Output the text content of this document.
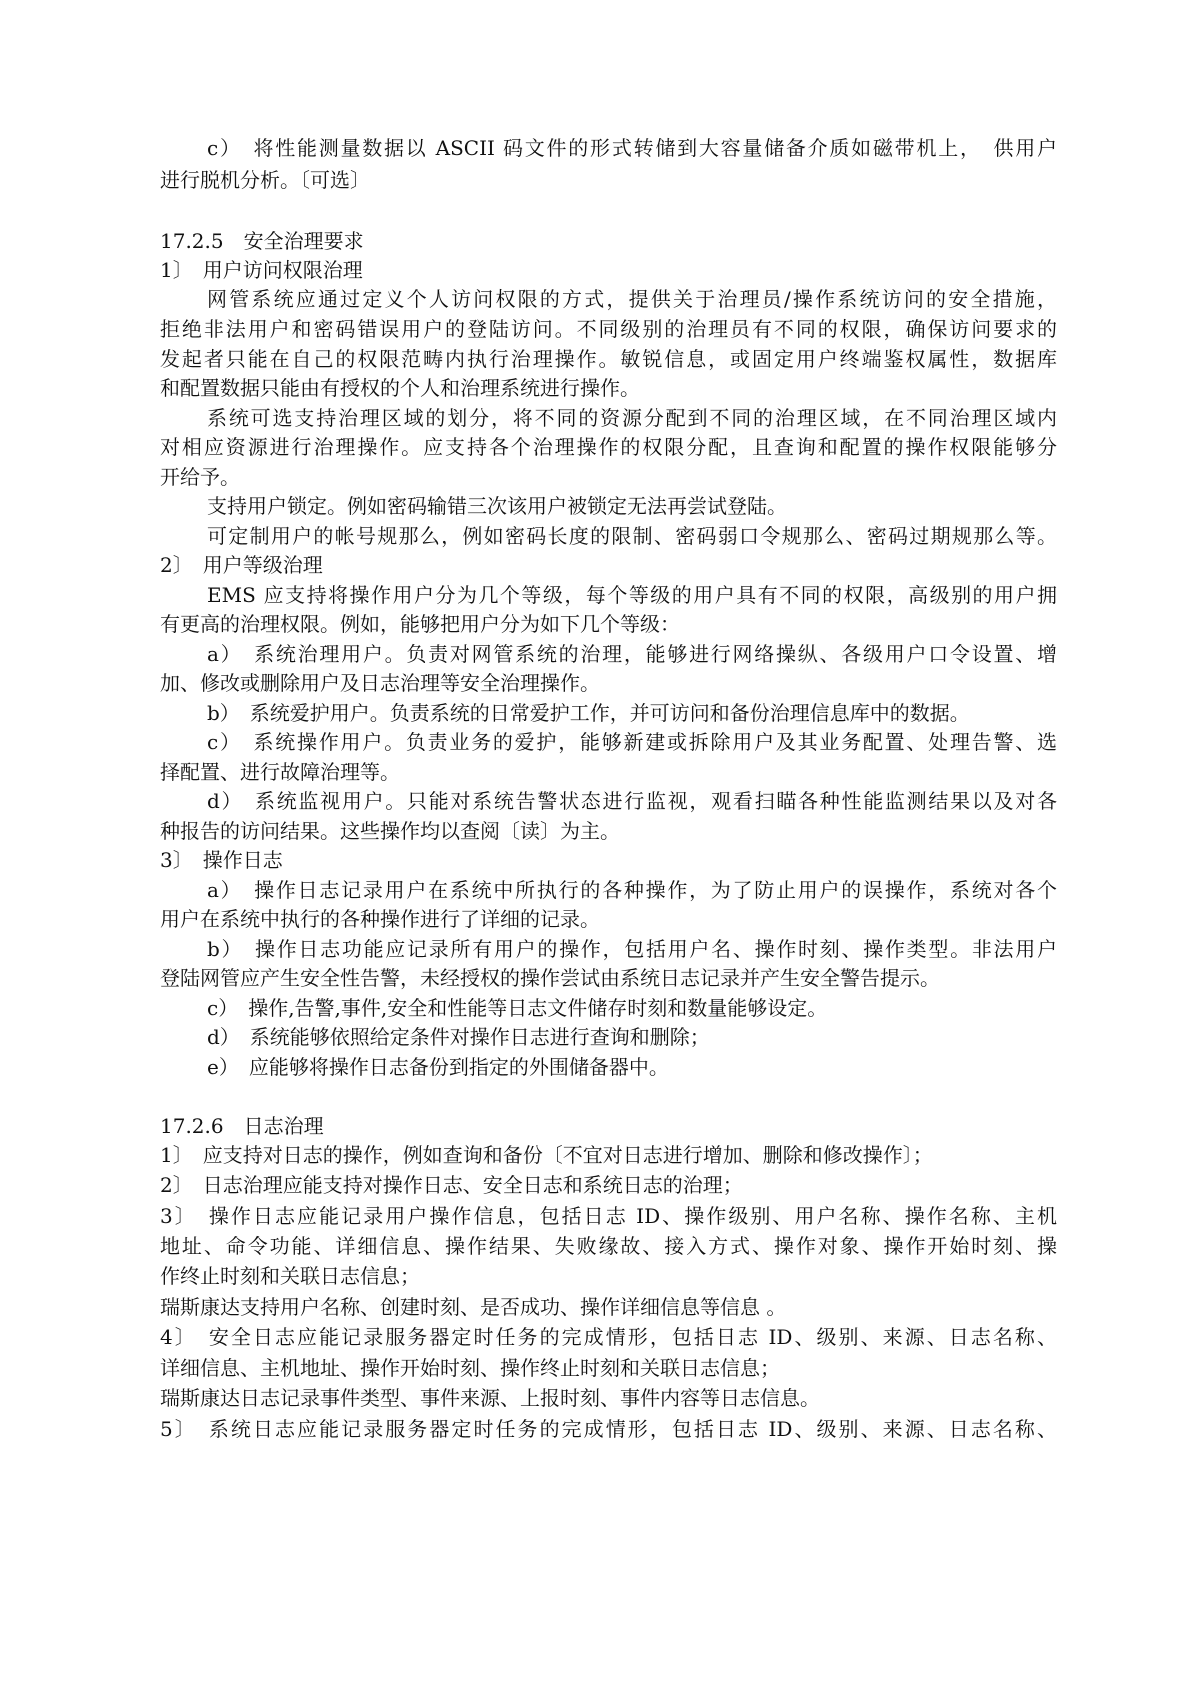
c）　将性能测量数据以 ASCII 码文件的形式转储到大容量储备介质如磁带机上，　供用户
进行脱机分析。〔可选〕
17.2.5　安全治理要求
1〕　用户访问权限治理
网管系统应通过定义个人访问权限的方式，提供关于治理员/操作系统访问的安全措施，
拒绝非法用户和密码错误用户的登陆访问。不同级别的治理员有不同的权限，确保访问要求的
发起者只能在自己的权限范畴内执行治理操作。敏锐信息，或固定用户终端鉴权属性，数据库
和配置数据只能由有授权的个人和治理系统进行操作。
系统可选支持治理区域的划分，将不同的资源分配到不同的治理区域，在不同治理区域内
对相应资源进行治理操作。应支持各个治理操作的权限分配，且查询和配置的操作权限能够分
开给予。
支持用户锁定。例如密码输错三次该用户被锁定无法再尝试登陆。
可定制用户的帐号规那么，例如密码长度的限制、密码弱口令规那么、密码过期规那么等。
2〕　用户等级治理
EMS 应支持将操作用户分为几个等级，每个等级的用户具有不同的权限，高级别的用户拥
有更高的治理权限。例如，能够把用户分为如下几个等级：
a）　系统治理用户。负责对网管系统的治理，能够进行网络操纵、各级用户口令设置、增
加、修改或删除用户及日志治理等安全治理操作。
b）　系统爱护用户。负责系统的日常爱护工作，并可访问和备份治理信息库中的数据。
c）　系统操作用户。负责业务的爱护，能够新建或拆除用户及其业务配置、处理告警、选
择配置、进行故障治理等。
d）　系统监视用户。只能对系统告警状态进行监视，观看扫瞄各种性能监测结果以及对各
种报告的访问结果。这些操作均以查阅〔读〕为主。
3〕　操作日志
a）　操作日志记录用户在系统中所执行的各种操作，为了防止用户的误操作，系统对各个
用户在系统中执行的各种操作进行了详细的记录。
b）　操作日志功能应记录所有用户的操作，包括用户名、操作时刻、操作类型。非法用户
登陆网管应产生安全性告警，未经授权的操作尝试由系统日志记录并产生安全警告提示。
c）　操作,告警,事件,安全和性能等日志文件储存时刻和数量能够设定。
d）　系统能够依照给定条件对操作日志进行查询和删除；
e）　应能够将操作日志备份到指定的外围储备器中。
17.2.6　日志治理
1〕　应支持对日志的操作，例如查询和备份〔不宜对日志进行增加、删除和修改操作〕；
2〕　日志治理应能支持对操作日志、安全日志和系统日志的治理；
3〕　操作日志应能记录用户操作信息，包括日志 ID、操作级别、用户名称、操作名称、主机
地址、命令功能、详细信息、操作结果、失败缘故、接入方式、操作对象、操作开始时刻、操
作终止时刻和关联日志信息；
瑞斯康达支持用户名称、创建时刻、是否成功、操作详细信息等信息 。
4〕　安全日志应能记录服务器定时任务的完成情形，包括日志 ID、级别、来源、日志名称、
详细信息、主机地址、操作开始时刻、操作终止时刻和关联日志信息；
瑞斯康达日志记录事件类型、事件来源、上报时刻、事件内容等日志信息。
5〕　系统日志应能记录服务器定时任务的完成情形，包括日志 ID、级别、来源、日志名称、
